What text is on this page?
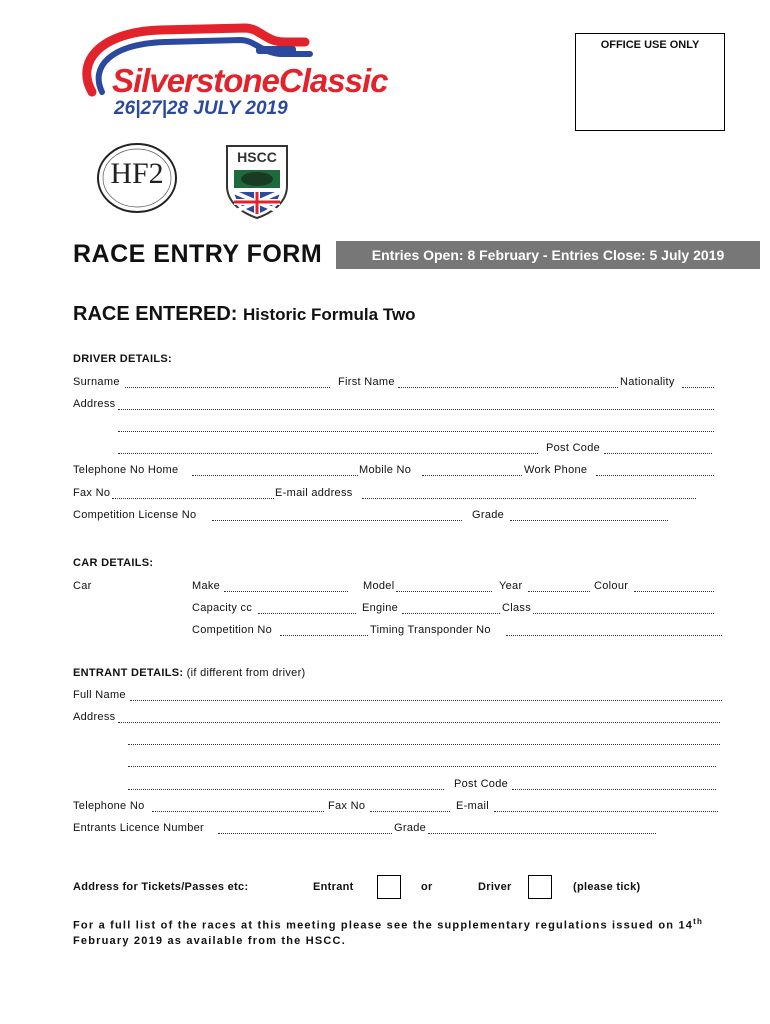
SilverstoneClassic
26|27|28 JULY 2019
HF2	HSCC
OFFICE USE ONLY
RACE ENTRY FORM	Entries Open: 8 February - Entries Close: 5 July 2019
RACE ENTERED: Historic Formula Two
DRIVER DETAILS:
Surname	First Name	Nationality
Address
Post Code
Telephone No Home	Mobile No	Work Phone
Fax No	E-mail address
Competition License No	Grade
CAR DETAILS:
Car	Make	Model	Year	Colour
Capacity cc	Engine	Class
Competition No	Timing Transponder No
ENTRANT DETAILS: (if different from driver)
Full Name
Address
Post Code
Telephone No	Fax No	E-mail
Entrants Licence Number	Grade
Address for Tickets/Passes etc:	Entrant	or	Driver	(please tick)
For a full list of the races at this meeting please see the supplementary regulations issued on 14th
February 2019 as available from the HSCC.
